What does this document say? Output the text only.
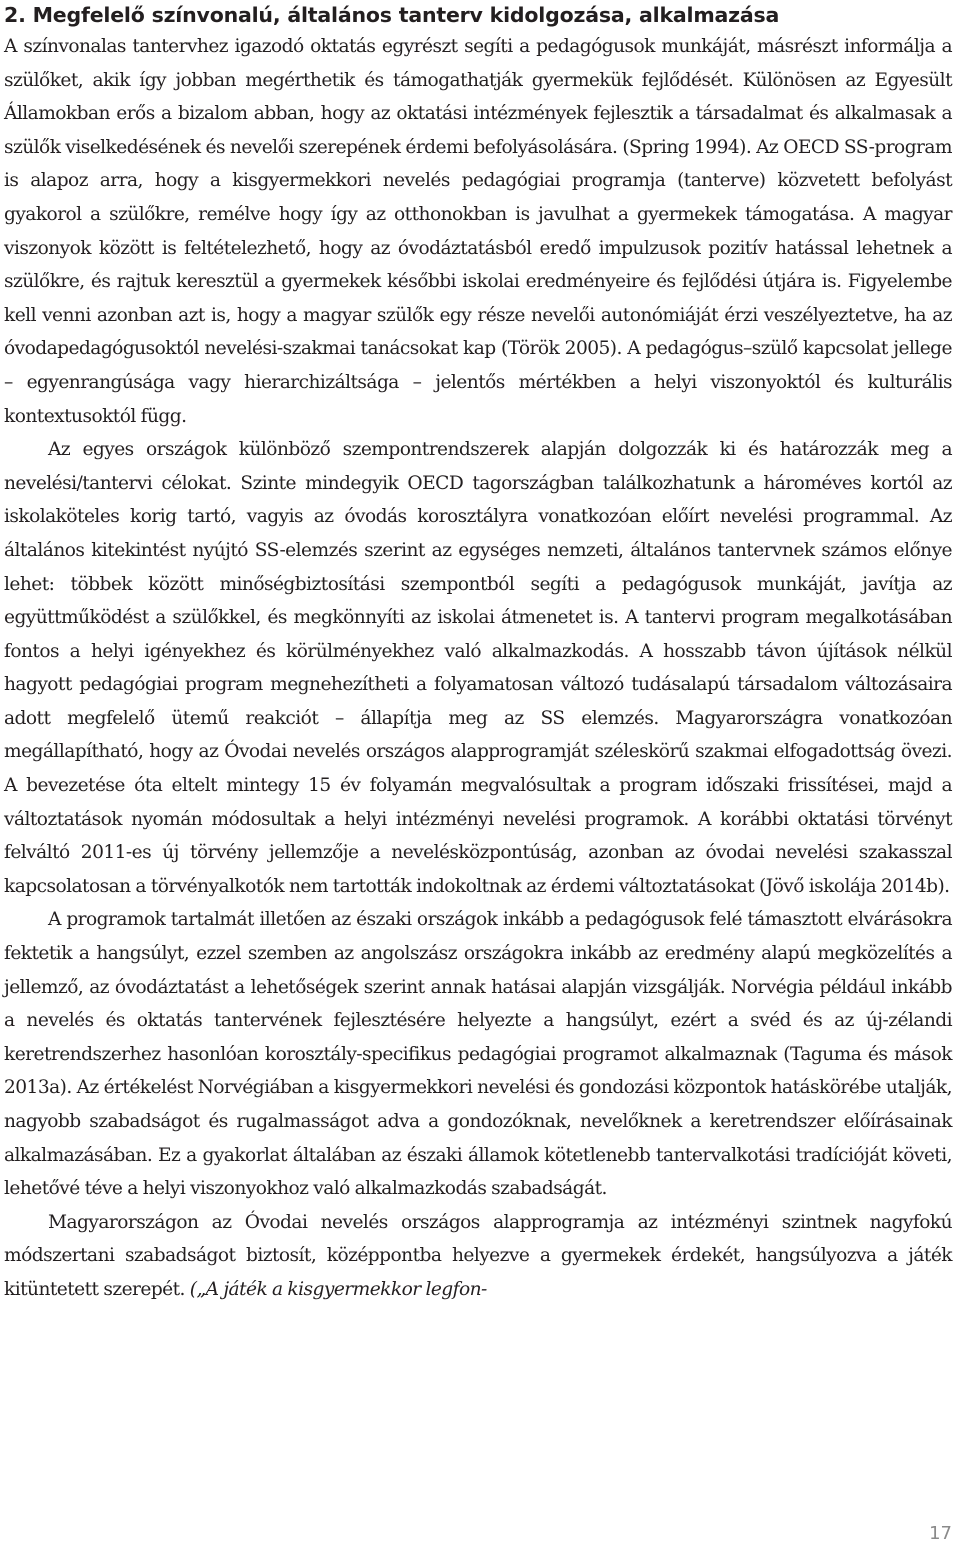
2. Megfelelő színvonalú, általános tanterv kidolgozása, alkalmazása

A színvonalas tantervhez igazodó oktatás egyrészt segíti a pedagógusok munkáját, másrészt informálja a szülőket, akik így jobban megérthetik és támogathatják gyermekük fejlődését. Különösen az Egyesült Államokban erős a bizalom abban, hogy az oktatási intézmények fejlesztik a társadalmat és alkalmasak a szülők viselkedésének és nevelői szerepének érdemi befolyásolására. (Spring 1994). Az OECD SS-program is alapoz arra, hogy a kisgyermekkori nevelés pedagógiai programja (tanterve) közvetett befolyást gyakorol a szülőkre, remélve hogy így az otthonokban is javulhat a gyermekek támogatása. A magyar viszonyok között is feltételezhető, hogy az óvodáztatásból eredő impulzusok pozitív hatással lehetnek a szülőkre, és rajtuk keresztül a gyermekek későbbi iskolai eredményeire és fejlődési útjára is. Figyelembe kell venni azonban azt is, hogy a magyar szülők egy része nevelői autonómiáját érzi veszélyeztetve, ha az óvodapedagógusoktól nevelési-szakmai tanácsokat kap (Török 2005). A pedagógus–szülő kapcsolat jellege – egyenrangúsága vagy hierarchizáltsága – jelentős mértékben a helyi viszonyoktól és kulturális kontextusoktól függ.

Az egyes országok különböző szempontrendszerek alapján dolgozzák ki és határozzák meg a nevelési/tantervi célokat. Szinte mindegyik OECD tagországban találkozhatunk a hároméves kortól az iskolaköteles korig tartó, vagyis az óvodás korosztályra vonatkozóan előírt nevelési programmal. Az általános kitekintést nyújtó SS-elemzés szerint az egységes nemzeti, általános tantervnek számos előnye lehet: többek között minőségbiztosítási szempontból segíti a pedagógusok munkáját, javítja az együttműködést a szülőkkel, és megkönnyíti az iskolai átmenetet is. A tantervi program megalkotásában fontos a helyi igényekhez és körülményekhez való alkalmazkodás. A hosszabb távon újítások nélkül hagyott pedagógiai program megnehezítheti a folyamatosan változó tudásalapú társadalom változásaira adott megfelelő ütemű reakciót – állapítja meg az SS elemzés. Magyarországra vonatkozóan megállapítható, hogy az Óvodai nevelés országos alapprogramját széleskörű szakmai elfogadottság övezi. A bevezetése óta eltelt mintegy 15 év folyamán megvalósultak a program időszaki frissítései, majd a változtatások nyomán módosultak a helyi intézményi nevelési programok. A korábbi oktatási törvényt felváltó 2011-es új törvény jellemzője a nevelésközpontúság, azonban az óvodai nevelési szakasszal kapcsolatosan a törvényalkotók nem tartották indokoltnak az érdemi változtatásokat (Jövő iskolája 2014b).

A programok tartalmát illetően az északi országok inkább a pedagógusok felé támasztott elvárásokra fektetik a hangsúlyt, ezzel szemben az angolszász országokra inkább az eredmény alapú megközelítés a jellemző, az óvodáztatást a lehetőségek szerint annak hatásai alapján vizsgálják. Norvégia például inkább a nevelés és oktatás tantervének fejlesztésére helyezte a hangsúlyt, ezért a svéd és az új-zélandi keretrendszerhez hasonlóan korosztály-specifikus pedagógiai programot alkalmaznak (Taguma és mások 2013a). Az értékelést Norvégiában a kisgyermekkori nevelési és gondozási központok hatáskörébe utalják, nagyobb szabadságot és rugalmasságot adva a gondozóknak, nevelőknek a keretrendszer előírásainak alkalmazásában. Ez a gyakorlat általában az északi államok kötetlenebb tantervalkotási tradícióját követi, lehetővé téve a helyi viszonyokhoz való alkalmazkodás szabadságát.

Magyarországon az Óvodai nevelés országos alapprogramja az intézményi szintnek nagyfokú módszertani szabadságot biztosít, középpontba helyezve a gyermekek érdekét, hangsúlyozva a játék kitüntetett szerepét. („A játék a kisgyermekkor legfon-

17
